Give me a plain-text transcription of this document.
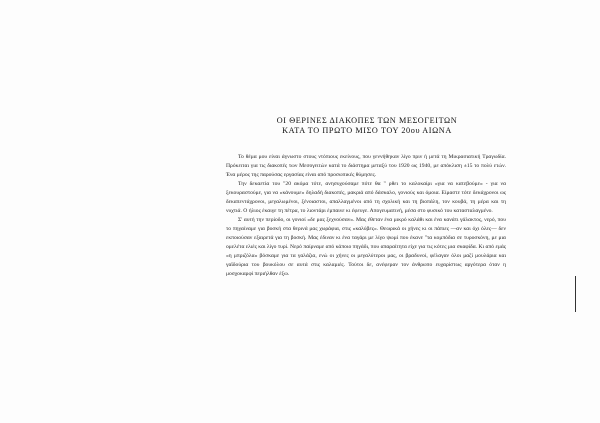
ΟΙ ΘΕΡΙΝΕΣ ΔΙΑΚΟΠΕΣ ΤΩΝ ΜΕΣΟΓΕΙΤΩΝ
ΚΑΤΑ ΤΟ ΠΡΩΤΟ ΜΙΣΟ ΤΟΥ 20ου ΑΙΩΝΑ

Το θέμα μου είναι άγνωστο στους ντόπιους εκείνους, που γεννήθηκαν λίγο πριν ή μετά τη Μικρασιατική Τραγωδία. Πρόκειται για τις διακοπές των Μεσογειτών κατά το διάστημα μεταξύ του 1920 ως 1940, με απόκλιση ±15 το πολύ ετών. Ένα μέρος της παρούσας εργασίας είναι από προσωπικές θύμησες.

Την δεκαετία του "20 ακόμα τότε, ανησυχούσαμε πότε θα " ρθει το καλοκαίρι «για να κατεβούμε» - για να ξεκουραστούμε, για να «κάνουμε» δηλαδή διακοπές, μακριά από δάσκαλο, γονιούς και όμοια. Είμαστε τότε δεκάχρονοι ως δεκαπεντάχρονοι, μεγαλωμένοι, ξένοιαστοι, απαλλαγμένοι από τη σχολική και τη βιοπάλη, τον κουβά, τη μέρα και τη νυχτιά. Ο ήλιος έκαιγε τη πέτρα, το λιοντάρι έμπαινε κι έφευγε. Απογευματινή, μέσα στο φυσικό του κατασταλαγμένο.

Σ' αυτή την περίοδο, οι γονιοί «δε μας ξεχνούσαν». Μας έθεταν ένα μικρό καλάθι και ένα κανάτι γάλακτος, νερό, που το πηγαίναμε για βοσκή στα θερινά μας χωράφια, στις «καλύβες». Θεωρικά οι χήνες κι οι πάπιες —αν και όχι όλες— δεν εκποιούσαν εξαιρετά για τη βοσκή. Μας έδιναν κι ένα ταγάρι με λίγο ψωμί που έκανε "τα κομπόδια σε τυροσκόνη, με μια ομελέτα ελιές και λίγο τυρί. Νερό παίρναμε από κάποιο πηγάδι, που απαραίτητα είχε για τις κότες μια σκαφίδα. Κι από εμάς «η μπριζόλα» βόσκαμε για τα γαλάζια, ενώ οι χήνες οι μεγαλύτεροι μας, οι βραδυνοί, φέλαγαν όλοι μαζί μουλάρια και γαϊδούρια του βουκόλου σε αυτά στις καλαμιές. Τούτοι δε, ανέφεραν τον άνθρωπο ευχαρίστως αργότερα όταν η μοσχοκαρφί περιήλθαν έξω.
